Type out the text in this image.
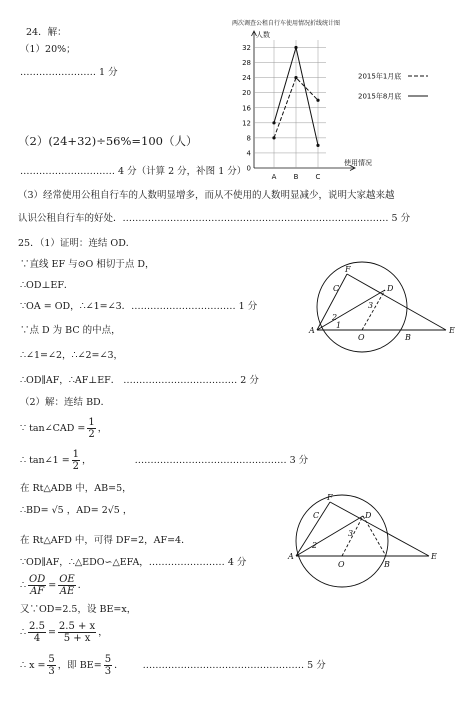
24．解：
（1）20%；
…………………… 1 分
（2）(24+32)÷56%=100（人）
………………………… 4 分（计算 2 分，补图 1 分）
（3）经常使用公租自行车的人数明显增多，而从不使用的人数明显减少，说明大家越来越
认识公租自行车的好处．………………………………………………………………………… 5 分
两次调查公租自行车使用情况折线统计图
0
4
8
12
16
20
24
28
32
A B C
人数
使用情况
2015年1月底
2015年8月底
25．（1）证明：连结 OD．
∵直线 EF 与⊙O 相切于点 D，
∴OD⊥EF．
∵OA = OD，∴∠1=∠3．…………………………… 1 分
∵点 D 为 BC 的中点，
∴∠1=∠2，∴∠2=∠3，
∴OD∥AF，∴AF⊥EF． ……………………………… 2 分
（2）解：连结 BD．
∵ tan∠CAD = $\frac{1}{2}$ ，
∴ tan∠1 = $\frac{1}{2}$ ，	………………………………………… 3 分
在 Rt△ADB 中，AB=5，
∴BD= √5 ，AD= 2√5 ，
在 Rt△AFD 中，可得 DF=2，AF=4．
∵OD∥AF，∴△EDO∽△EFA，…………………… 4 分
∴ $\frac{OD}{AF} = \frac{OE}{AE}$ ．
又∵OD=2.5，设 BE=x，
∴ $\frac{2.5}{4} = \frac{2.5 + x}{5 + x}$ ，
∴ $x = \frac{5}{3}$ ，即 $BE= \frac{5}{3}$ ． …………………………………………… 5 分
A
B
C	D
E
F
O
1
2
3
A
B
C	D
E
F
O
2
3
